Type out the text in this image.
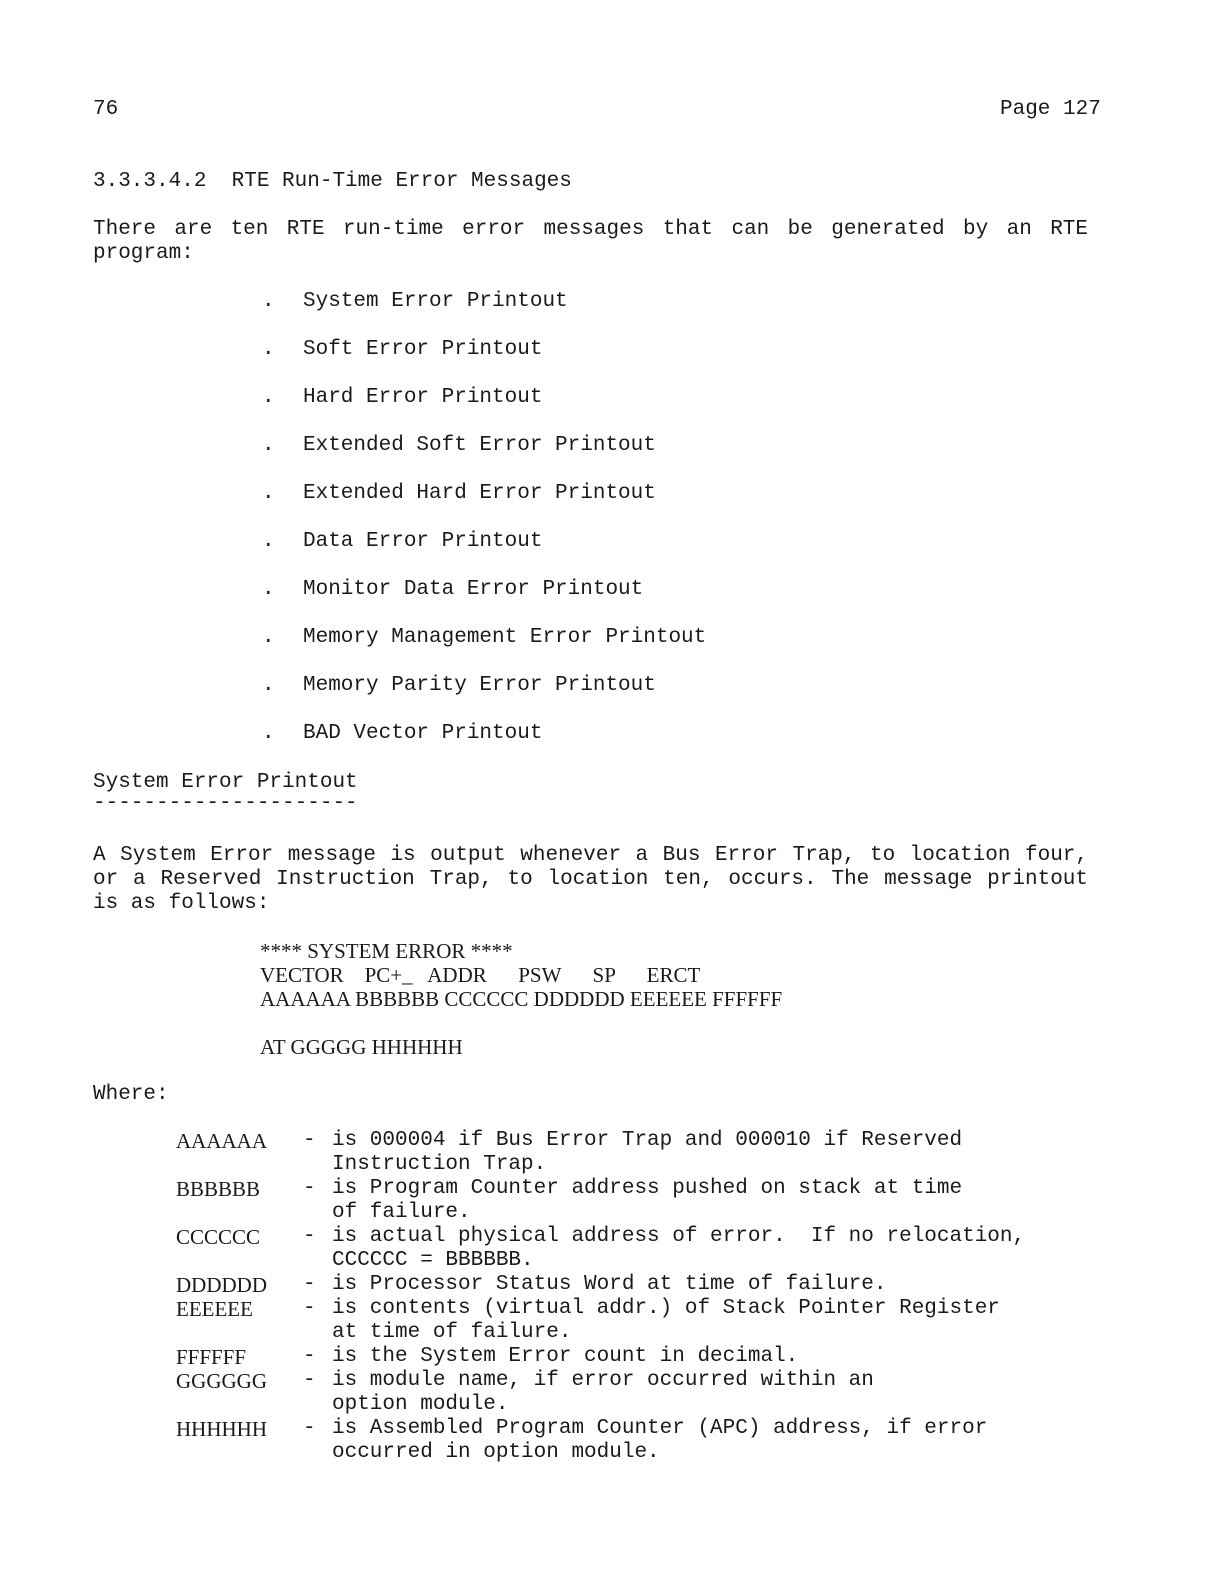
76	Page 127
3.3.3.4.2  RTE Run-Time Error Messages
There are ten RTE run-time error messages that can be generated by an RTE program:
. System Error Printout
. Soft Error Printout
. Hard Error Printout
. Extended Soft Error Printout
. Extended Hard Error Printout
. Data Error Printout
. Monitor Data Error Printout
. Memory Management Error Printout
. Memory Parity Error Printout
. BAD Vector Printout
System Error Printout
---------------------
A System Error message is output whenever a Bus Error Trap, to location four, or a Reserved Instruction Trap, to location ten, occurs. The message printout is as follows:
**** SYSTEM ERROR ****
VECTOR    PC+_   ADDR      PSW      SP      ERCT
AAAAAA BBBBBB CCCCCC DDDDDD EEEEEE FFFFFF
AT GGGGG HHHHHH
Where:
AAAAAA	-	is 000004 if Bus Error Trap and 000010 if Reserved
Instruction Trap.
BBBBBB	-	is Program Counter address pushed on stack at time
of failure.
CCCCCC	-	is actual physical address of error.  If no relocation,
CCCCCC = BBBBBB.
DDDDDD	-	is Processor Status Word at time of failure.
EEEEEE	-	is contents (virtual addr.) of Stack Pointer Register
at time of failure.
FFFFFF	-	is the System Error count in decimal.
GGGGGG	-	is module name, if error occurred within an
option module.
HHHHHH	-	is Assembled Program Counter (APC) address, if error
occurred in option module.
